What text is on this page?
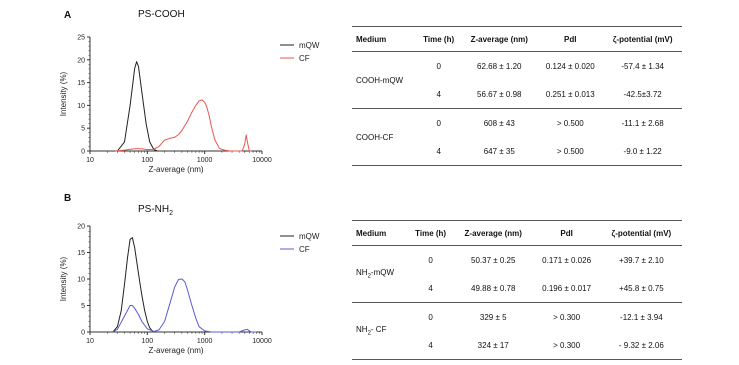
A	PS-COOH
0
5
10
15
20
25
10	100	1000	10000
Z-average (nm)
Intensity (%)
mQW
CF
Medium	Time (h)	Z-average (nm)	PdI	ζ-potential (mV)
COOH-mQW	0	62.68 ± 1.20	0.124 ± 0.020	-57.4 ± 1.34
	4	56.67 ± 0.98	0.251 ± 0.013	-42.5±3.72
COOH-CF	0	608 ± 43	> 0.500	-11.1 ± 2.68
	4	647 ± 35	> 0.500	-9.0 ± 1.22
B
$PS-NH_2$
0
5
10
15
20
10	100	1000	10000
Z-average (nm)
Intensity (%)
mQW
CF
Medium	Time (h)	Z-average (nm)	PdI	ζ-potential (mV)
$NH_2$-mQW	0	50.37 ± 0.25	0.171 ± 0.026	+39.7 ± 2.10
	4	49.88 ± 0.78	0.196 ± 0.017	+45.8 ± 0.75
$NH_2-$ CF	0	329 ± 5	> 0.300	-12.1 ± 3.94
	4	324 ± 17	> 0.300	- 9.32 ± 2.06
